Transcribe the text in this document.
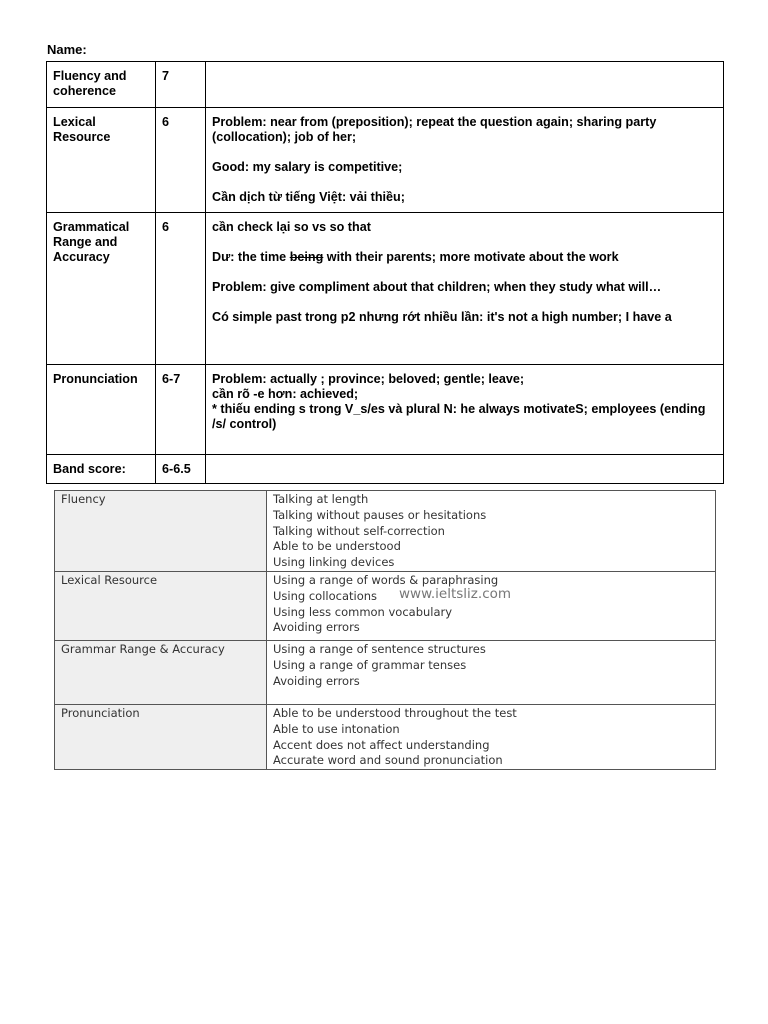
Name:
Fluency and coherence	7	
Lexical Resource	6	Problem: near from (preposition); repeat the question again; sharing party (collocation); job of her;
Good: my salary is competitive;
Cần dịch từ tiếng Việt: vải thiều;

Grammatical Range and Accuracy	6	cần check lại so vs so that
Dư: the time being with their parents; more motivate about the work
Problem: give compliment about that children; when they study what will…
Có simple past trong p2 nhưng rớt nhiều lần: it's not a high number; I have a

Pronunciation	6-7	Problem: actually ; province; beloved; gentle; leave;
cần rõ -e hơn: achieved;
* thiếu ending s trong V_s/es và plural N: he always motivateS; employees (ending /s/ control)

Band score:	6-6.5	
Fluency	Talking at length
Talking without pauses or hesitations
Talking without self-correction
Able to be understood
Using linking devices

Lexical Resource	Using a range of words & paraphrasing
Using collocations
Using less common vocabulary
Avoiding errors

Grammar Range & Accuracy	Using a range of sentence structures
Using a range of grammar tenses
Avoiding errors

Pronunciation	Able to be understood throughout the test
Able to use intonation
Accent does not affect understanding
Accurate word and sound pronunciation
www.ieltsliz.com
